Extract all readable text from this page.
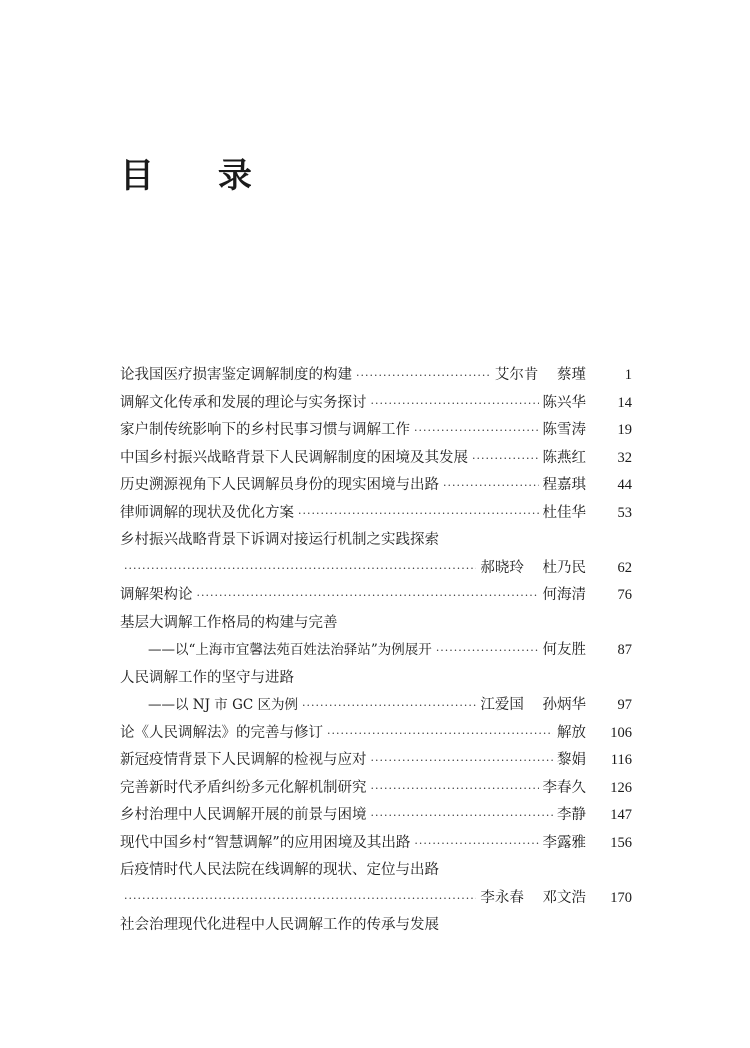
目 录
论我国医疗损害鉴定调解制度的构建 ·····	艾尔肯 蔡瑾	1
调解文化传承和发展的理论与实务探讨 ·····	陈兴华	14
家户制传统影响下的乡村民事习惯与调解工作 ·····	陈雪涛	19
中国乡村振兴战略背景下人民调解制度的困境及其发展 ·····	陈燕红	32
历史溯源视角下人民调解员身份的现实困境与出路 ·····	程嘉琪	44
律师调解的现状及优化方案 ·····	杜佳华	53
乡村振兴战略背景下诉调对接运行机制之实践探索
·····
郝晓玲 杜乃民	62
调解架构论 ·····	何海清	76
基层大调解工作格局的构建与完善
——以“上海市宜馨法苑百姓法治驿站”为例展开 ·····	何友胜	87
人民调解工作的坚守与进路
——以 NJ 市 GC 区为例 ·····	江爱国 孙炳华	97
论《人民调解法》的完善与修订 ·····	解放	106
新冠疫情背景下人民调解的检视与应对 ·····	黎娟	116
完善新时代矛盾纠纷多元化解机制研究 ·····	李春久	126
乡村治理中人民调解开展的前景与困境 ·····	李静	147
现代中国乡村“智慧调解”的应用困境及其出路 ·····	李露雅	156
后疫情时代人民法院在线调解的现状、定位与出路
·····
李永春 邓文浩	170
社会治理现代化进程中人民调解工作的传承与发展
